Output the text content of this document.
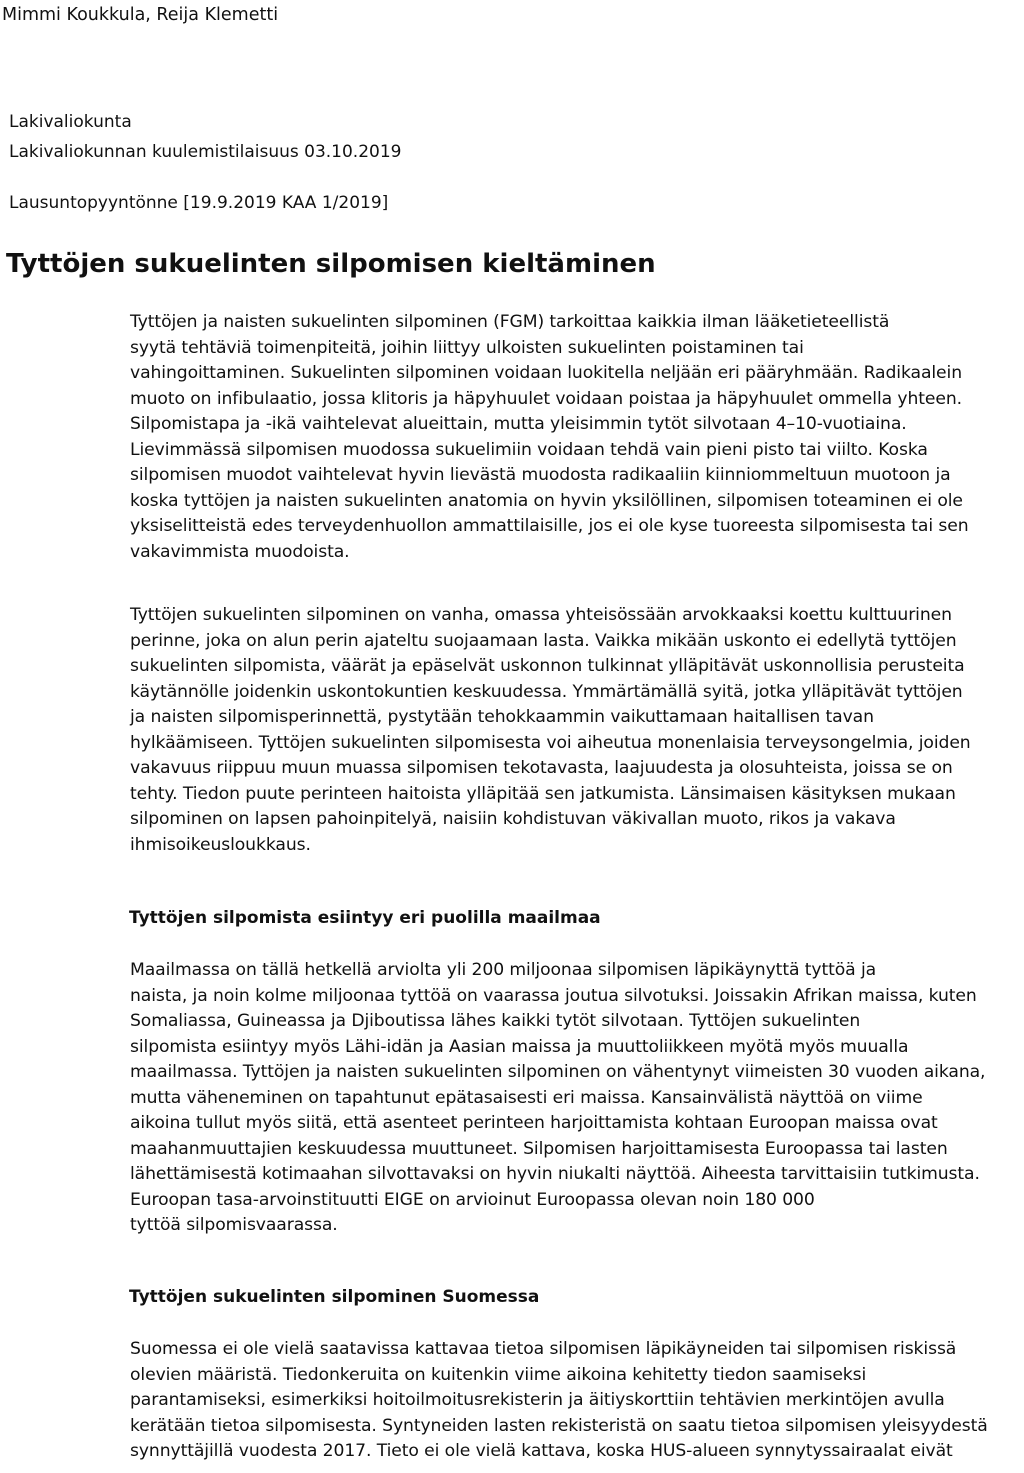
Mimmi Koukkula, Reija Klemetti
Lakivaliokunta
Lakivaliokunnan kuulemistilaisuus 03.10.2019
Lausuntopyyntönne [19.9.2019 KAA 1/2019]
Tyttöjen sukuelinten silpomisen kieltäminen
Tyttöjen ja naisten sukuelinten silpominen (FGM) tarkoittaa kaikkia ilman lääketieteellistä
syytä tehtäviä toimenpiteitä, joihin liittyy ulkoisten sukuelinten poistaminen tai
vahingoittaminen. Sukuelinten silpominen voidaan luokitella neljään eri pääryhmään. Radikaalein
muoto on infibulaatio, jossa klitoris ja häpyhuulet voidaan poistaa ja häpyhuulet ommella yhteen.
Silpomistapa ja -ikä vaihtelevat alueittain, mutta yleisimmin tytöt silvotaan 4–10-vuotiaina.
Lievimmässä silpomisen muodossa sukuelimiin voidaan tehdä vain pieni pisto tai viilto. Koska
silpomisen muodot vaihtelevat hyvin lievästä muodosta radikaaliin kiinniommeltuun muotoon ja
koska tyttöjen ja naisten sukuelinten anatomia on hyvin yksilöllinen, silpomisen toteaminen ei ole
yksiselitteistä edes terveydenhuollon ammattilaisille, jos ei ole kyse tuoreesta silpomisesta tai sen
vakavimmista muodoista.
Tyttöjen sukuelinten silpominen on vanha, omassa yhteisössään arvokkaaksi koettu kulttuurinen
perinne, joka on alun perin ajateltu suojaamaan lasta. Vaikka mikään uskonto ei edellytä tyttöjen
sukuelinten silpomista, väärät ja epäselvät uskonnon tulkinnat ylläpitävät uskonnollisia perusteita
käytännölle joidenkin uskontokuntien keskuudessa. Ymmärtämällä syitä, jotka ylläpitävät tyttöjen
ja naisten silpomisperinnettä, pystytään tehokkaammin vaikuttamaan haitallisen tavan
hylkäämiseen. Tyttöjen sukuelinten silpomisesta voi aiheutua monenlaisia terveysongelmia, joiden
vakavuus riippuu muun muassa silpomisen tekotavasta, laajuudesta ja olosuhteista, joissa se on
tehty. Tiedon puute perinteen haitoista ylläpitää sen jatkumista. Länsimaisen käsityksen mukaan
silpominen on lapsen pahoinpitelyä, naisiin kohdistuvan väkivallan muoto, rikos ja vakava
ihmisoikeusloukkaus.
Tyttöjen silpomista esiintyy eri puolilla maailmaa
Maailmassa on tällä hetkellä arviolta yli 200 miljoonaa silpomisen läpikäynyttä tyttöä ja
naista, ja noin kolme miljoonaa tyttöä on vaarassa joutua silvotuksi. Joissakin Afrikan maissa, kuten
Somaliassa, Guineassa ja Djiboutissa lähes kaikki tytöt silvotaan. Tyttöjen sukuelinten
silpomista esiintyy myös Lähi-idän ja Aasian maissa ja muuttoliikkeen myötä myös muualla
maailmassa. Tyttöjen ja naisten sukuelinten silpominen on vähentynyt viimeisten 30 vuoden aikana,
mutta väheneminen on tapahtunut epätasaisesti eri maissa. Kansainvälistä näyttöä on viime
aikoina tullut myös siitä, että asenteet perinteen harjoittamista kohtaan Euroopan maissa ovat
maahanmuuttajien keskuudessa muuttuneet. Silpomisen harjoittamisesta Euroopassa tai lasten
lähettämisestä kotimaahan silvottavaksi on hyvin niukalti näyttöä. Aiheesta tarvittaisiin tutkimusta.
Euroopan tasa-arvoinstituutti EIGE on arvioinut Euroopassa olevan noin 180 000
tyttöä silpomisvaarassa.
Tyttöjen sukuelinten silpominen Suomessa
Suomessa ei ole vielä saatavissa kattavaa tietoa silpomisen läpikäyneiden tai silpomisen riskissä
olevien määristä. Tiedonkeruita on kuitenkin viime aikoina kehitetty tiedon saamiseksi
parantamiseksi, esimerkiksi hoitoilmoitusrekisterin ja äitiyskorttiin tehtävien merkintöjen avulla
kerätään tietoa silpomisesta. Syntyneiden lasten rekisteristä on saatu tietoa silpomisen yleisyydestä
synnyttäjillä vuodesta 2017. Tieto ei ole vielä kattava, koska HUS-alueen synnytyssairaalat eivät
